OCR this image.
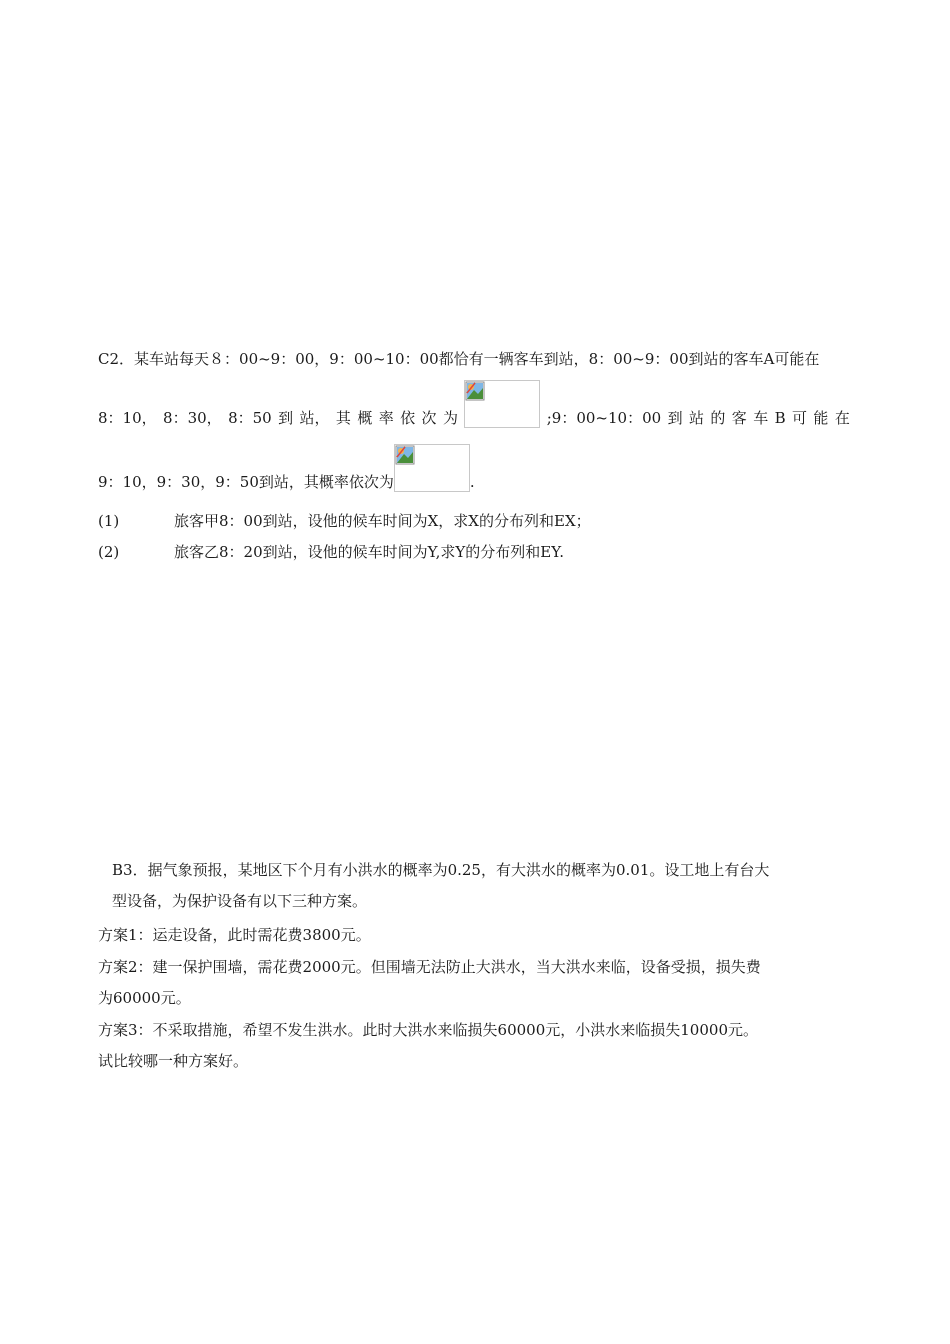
C2．某车站每天８：00~9：00，9：00~10：00都恰有一辆客车到站，8：00~9：00到站的客车A可能在
8：10， 8：30， 8：50 到 站， 其 概 率 依 次 为	;9：00~10：00 到 站 的 客 车 B 可 能 在
9：10，9：30，9：50到站，其概率依次为	.
(1)	旅客甲8：00到站，设他的候车时间为X，求X的分布列和EX；
(2)	旅客乙8：20到站，设他的候车时间为Y,求Y的分布列和EY.
B3．据气象预报，某地区下个月有小洪水的概率为0.25，有大洪水的概率为0.01。设工地上有台大
型设备，为保护设备有以下三种方案。
方案1：运走设备，此时需花费3800元。
方案2：建一保护围墙，需花费2000元。但围墙无法防止大洪水，当大洪水来临，设备受损，损失费
为60000元。
方案3：不采取措施，希望不发生洪水。此时大洪水来临损失60000元，小洪水来临损失10000元。
试比较哪一种方案好。
